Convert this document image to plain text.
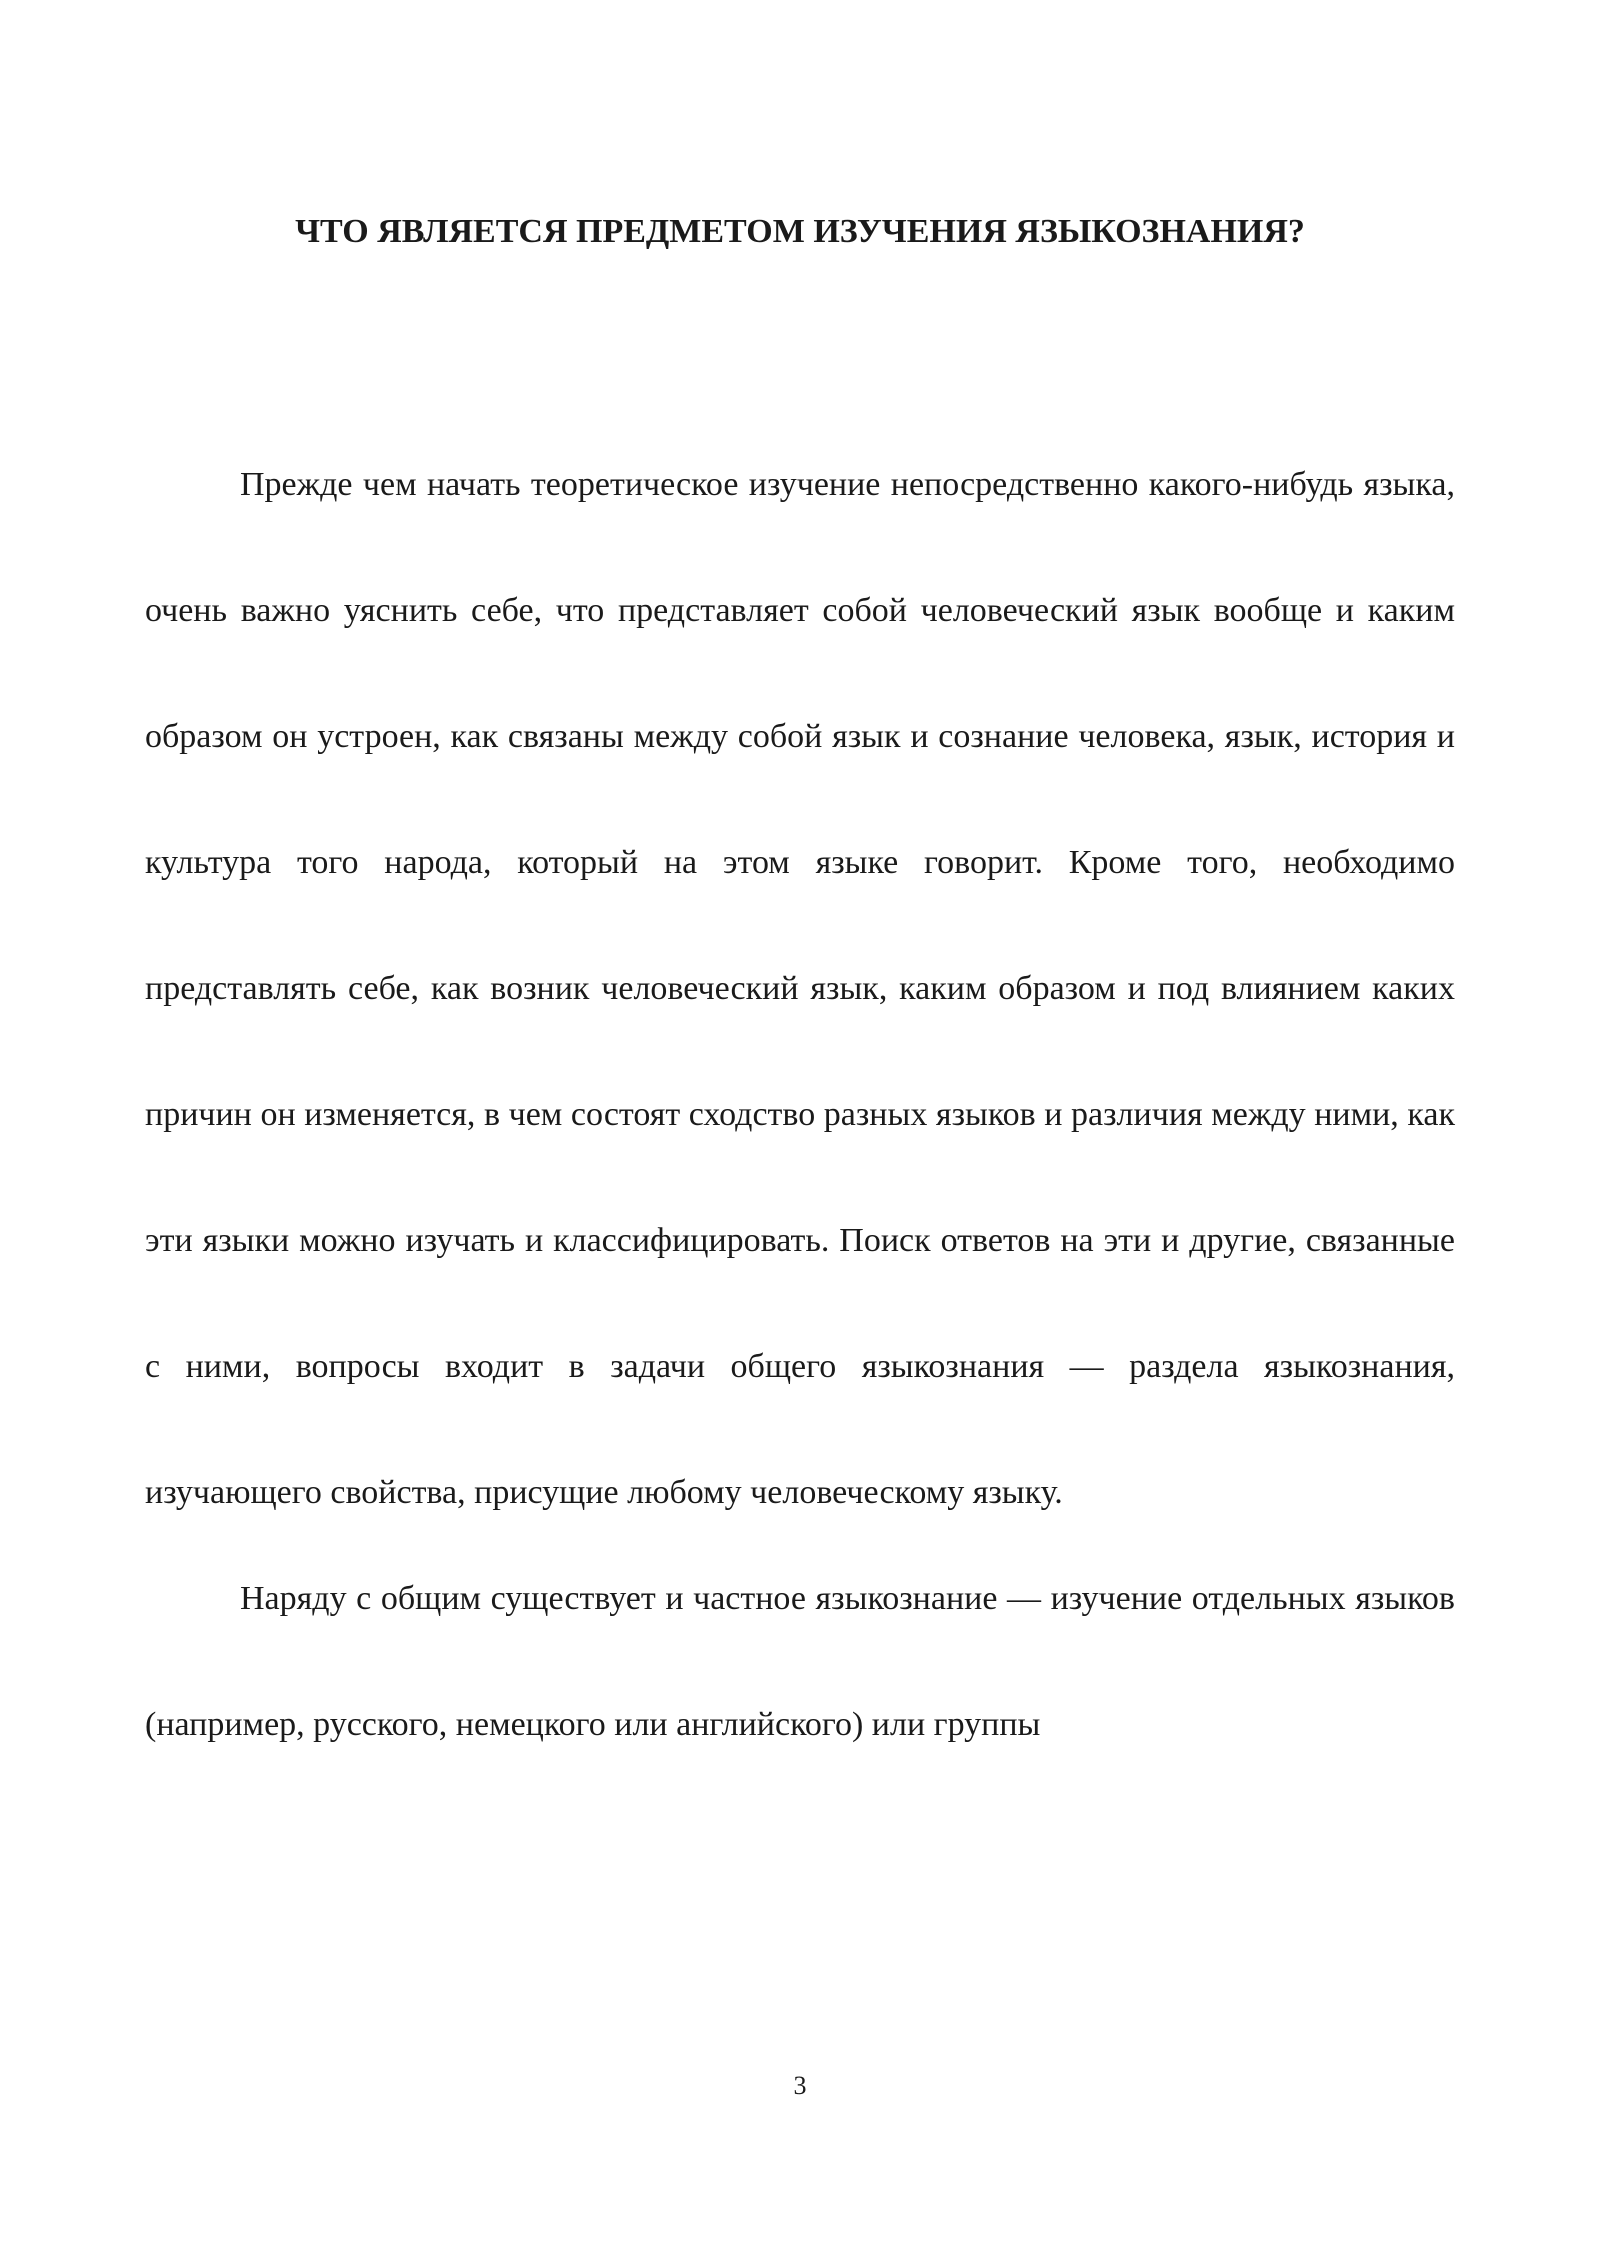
ЧТО ЯВЛЯЕТСЯ ПРЕДМЕТОМ ИЗУЧЕНИЯ ЯЗЫКОЗНАНИЯ?

Прежде чем начать теоретическое изучение непосредственно какого-нибудь языка, очень важно уяснить себе, что представляет собой человеческий язык вообще и каким образом он устроен, как связаны между собой язык и сознание человека, язык, история и культура того народа, который на этом языке говорит. Кроме того, необходимо представлять себе, как возник человеческий язык, каким образом и под влиянием каких причин он изменяется, в чем состоят сходство разных языков и различия между ними, как эти языки можно изучать и классифицировать. Поиск ответов на эти и другие, связанные с ними, вопросы входит в задачи общего языкознания — раздела языкознания, изучающего свойства, присущие любому человеческому языку.

Наряду с общим существует и частное языкознание — изучение отдельных языков (например, русского, немецкого или английского) или группы

3
